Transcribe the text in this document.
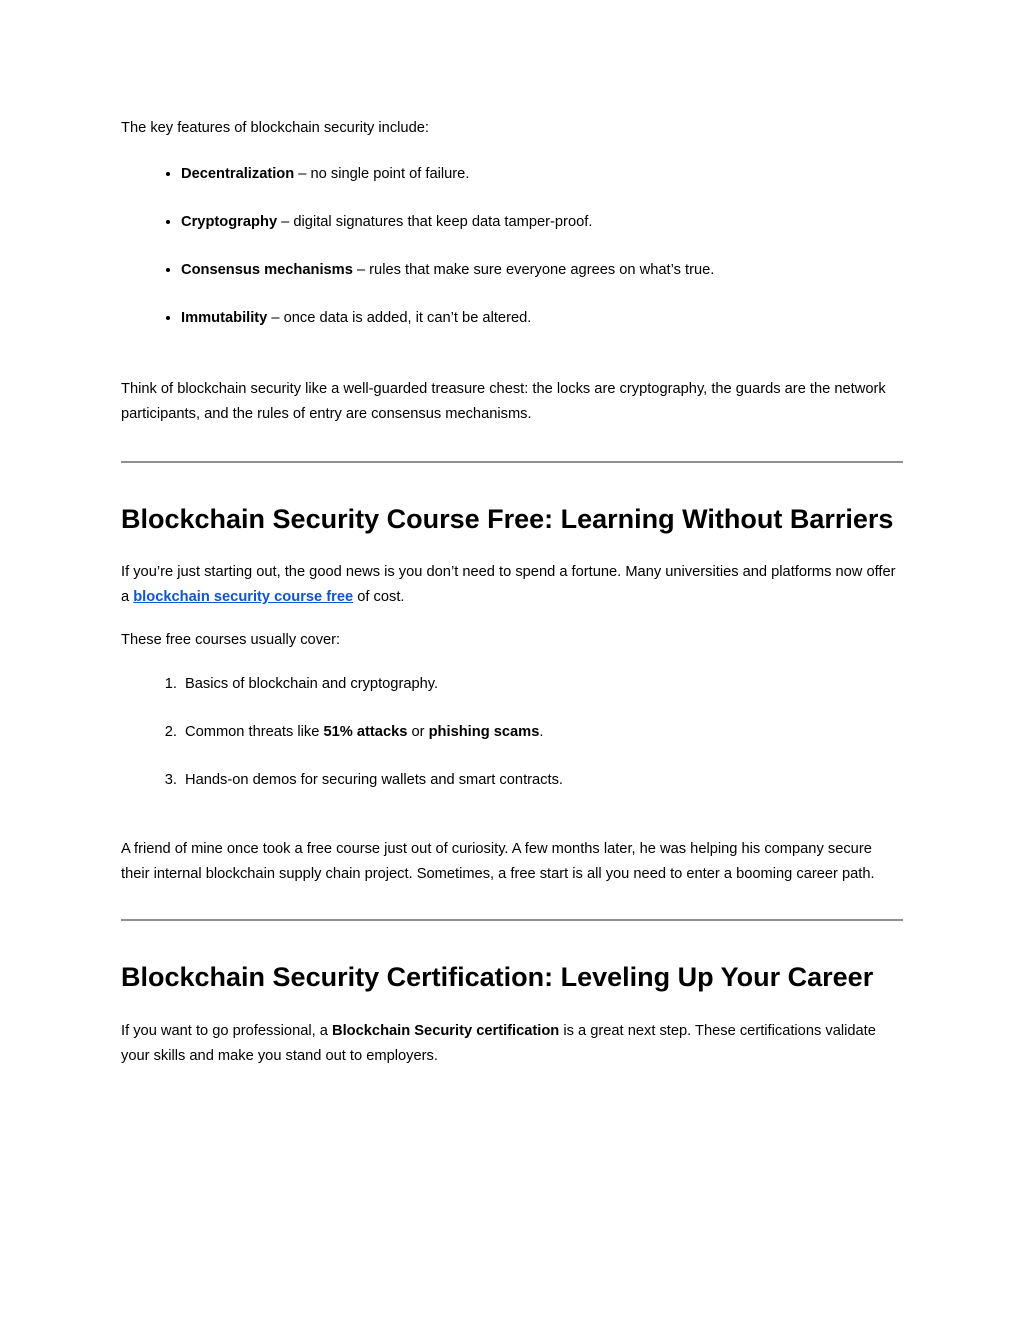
The key features of blockchain security include:

• Decentralization – no single point of failure.
• Cryptography – digital signatures that keep data tamper-proof.
• Consensus mechanisms – rules that make sure everyone agrees on what’s true.
• Immutability – once data is added, it can’t be altered.

Think of blockchain security like a well-guarded treasure chest: the locks are cryptography, the guards are the network participants, and the rules of entry are consensus mechanisms.

Blockchain Security Course Free: Learning Without Barriers

If you’re just starting out, the good news is you don’t need to spend a fortune. Many universities and platforms now offer a blockchain security course free of cost.

These free courses usually cover:

1. Basics of blockchain and cryptography.
2. Common threats like 51% attacks or phishing scams.
3. Hands-on demos for securing wallets and smart contracts.

A friend of mine once took a free course just out of curiosity. A few months later, he was helping his company secure their internal blockchain supply chain project. Sometimes, a free start is all you need to enter a booming career path.

Blockchain Security Certification: Leveling Up Your Career

If you want to go professional, a Blockchain Security certification is a great next step. These certifications validate your skills and make you stand out to employers.
